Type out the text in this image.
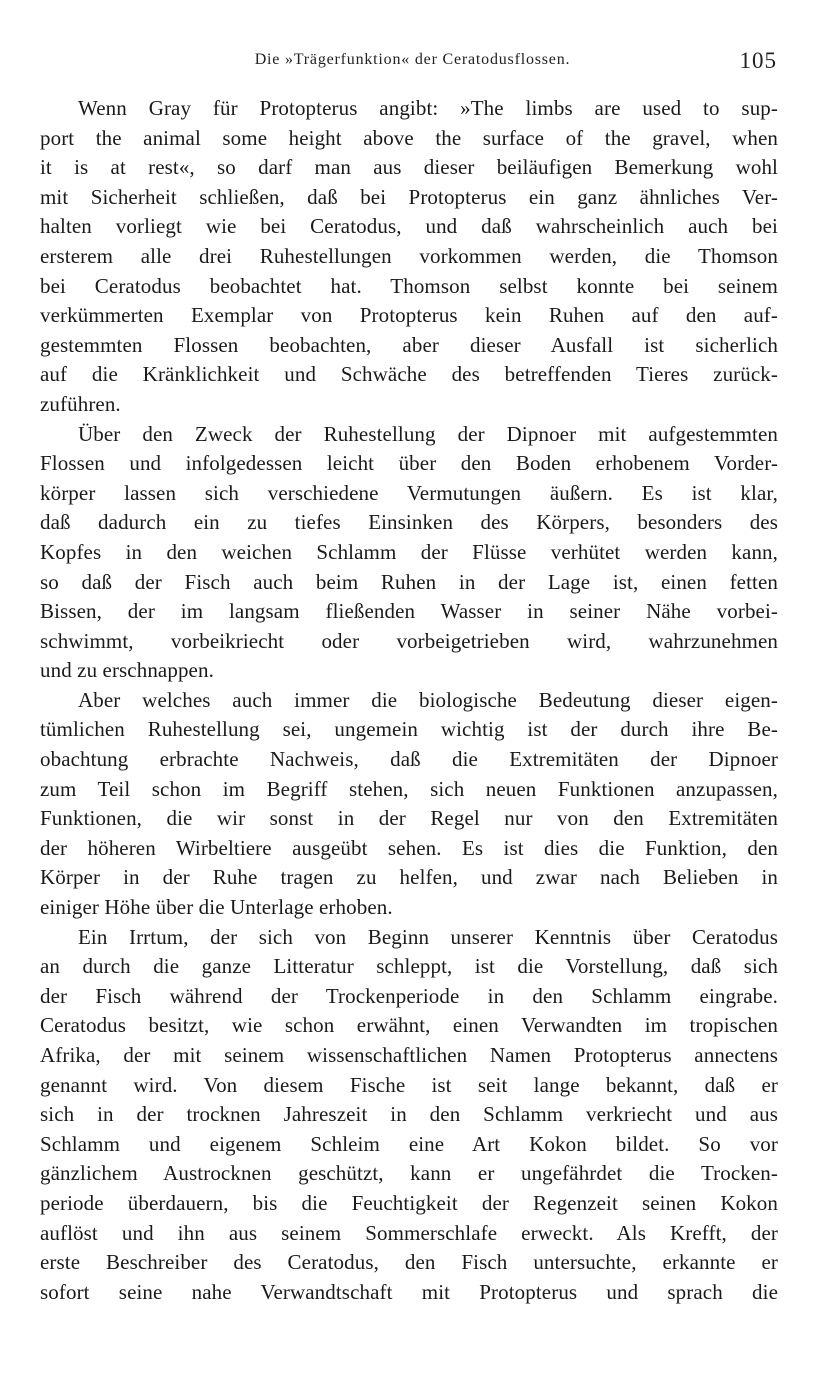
Die »Trägerfunktion« der Ceratodusflossen.	105
Wenn Gray für Protopterus angibt: »The limbs are used to sup-
port the animal some height above the surface of the gravel, when
it is at rest«, so darf man aus dieser beiläufigen Bemerkung wohl
mit Sicherheit schließen, daß bei Protopterus ein ganz ähnliches Ver-
halten vorliegt wie bei Ceratodus, und daß wahrscheinlich auch bei
ersterem alle drei Ruhestellungen vorkommen werden, die Thomson
bei Ceratodus beobachtet hat. Thomson selbst konnte bei seinem
verkümmerten Exemplar von Protopterus kein Ruhen auf den auf-
gestemmten Flossen beobachten, aber dieser Ausfall ist sicherlich
auf die Kränklichkeit und Schwäche des betreffenden Tieres zurück-
zuführen.
Über den Zweck der Ruhestellung der Dipnoer mit aufgestemmten
Flossen und infolgedessen leicht über den Boden erhobenem Vorder-
körper lassen sich verschiedene Vermutungen äußern. Es ist klar,
daß dadurch ein zu tiefes Einsinken des Körpers, besonders des
Kopfes in den weichen Schlamm der Flüsse verhütet werden kann,
so daß der Fisch auch beim Ruhen in der Lage ist, einen fetten
Bissen, der im langsam fließenden Wasser in seiner Nähe vorbei-
schwimmt, vorbeikriecht oder vorbeigetrieben wird, wahrzunehmen
und zu erschnappen.
Aber welches auch immer die biologische Bedeutung dieser eigen-
tümlichen Ruhestellung sei, ungemein wichtig ist der durch ihre Be-
obachtung erbrachte Nachweis, daß die Extremitäten der Dipnoer
zum Teil schon im Begriff stehen, sich neuen Funktionen anzupassen,
Funktionen, die wir sonst in der Regel nur von den Extremitäten
der höheren Wirbeltiere ausgeübt sehen. Es ist dies die Funktion, den
Körper in der Ruhe tragen zu helfen, und zwar nach Belieben in
einiger Höhe über die Unterlage erhoben.
Ein Irrtum, der sich von Beginn unserer Kenntnis über Ceratodus
an durch die ganze Litteratur schleppt, ist die Vorstellung, daß sich
der Fisch während der Trockenperiode in den Schlamm eingrabe.
Ceratodus besitzt, wie schon erwähnt, einen Verwandten im tropischen
Afrika, der mit seinem wissenschaftlichen Namen Protopterus annectens
genannt wird. Von diesem Fische ist seit lange bekannt, daß er
sich in der trocknen Jahreszeit in den Schlamm verkriecht und aus
Schlamm und eigenem Schleim eine Art Kokon bildet. So vor
gänzlichem Austrocknen geschützt, kann er ungefährdet die Trocken-
periode überdauern, bis die Feuchtigkeit der Regenzeit seinen Kokon
auflöst und ihn aus seinem Sommerschlafe erweckt. Als Krefft, der
erste Beschreiber des Ceratodus, den Fisch untersuchte, erkannte er
sofort seine nahe Verwandtschaft mit Protopterus und sprach die
